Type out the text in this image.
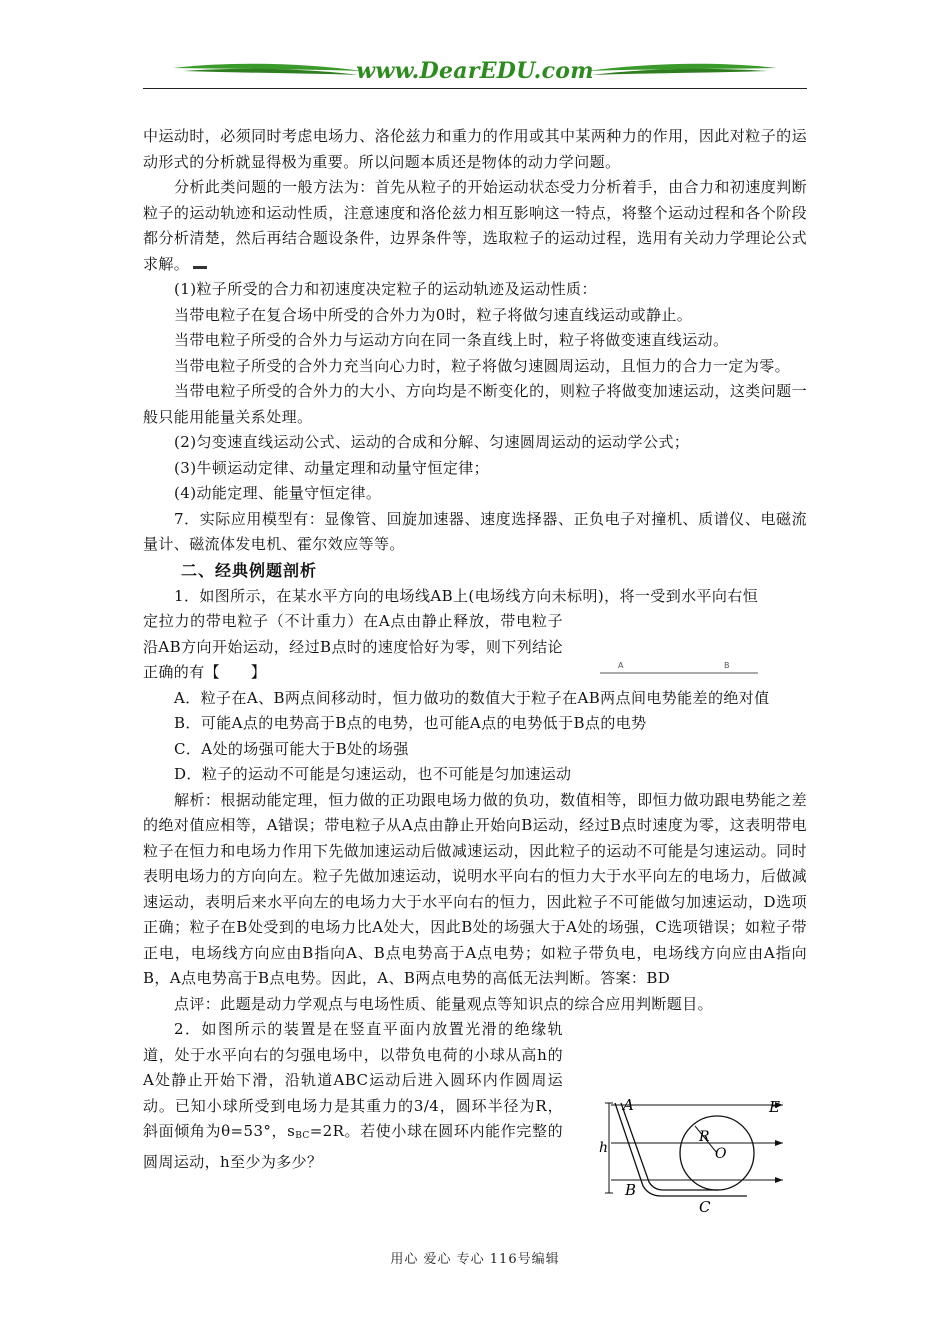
www.DearEDU.com

中运动时，必须同时考虑电场力、洛伦兹力和重力的作用或其中某两种力的作用，因此对粒子的运动形式的分析就显得极为重要。所以问题本质还是物体的动力学问题。

分析此类问题的一般方法为：首先从粒子的开始运动状态受力分析着手，由合力和初速度判断粒子的运动轨迹和运动性质，注意速度和洛伦兹力相互影响这一特点，将整个运动过程和各个阶段都分析清楚，然后再结合题设条件，边界条件等，选取粒子的运动过程，选用有关动力学理论公式求解。

(1)粒子所受的合力和初速度决定粒子的运动轨迹及运动性质：

当带电粒子在复合场中所受的合外力为0时，粒子将做匀速直线运动或静止。

当带电粒子所受的合外力与运动方向在同一条直线上时，粒子将做变速直线运动。

当带电粒子所受的合外力充当向心力时，粒子将做匀速圆周运动，且恒力的合力一定为零。

当带电粒子所受的合外力的大小、方向均是不断变化的，则粒子将做变加速运动，这类问题一般只能用能量关系处理。

(2)匀变速直线运动公式、运动的合成和分解、匀速圆周运动的运动学公式；

(3)牛顿运动定律、动量定理和动量守恒定律；

(4)动能定理、能量守恒定律。

7．实际应用模型有：显像管、回旋加速器、速度选择器、正负电子对撞机、质谱仪、电磁流量计、磁流体发电机、霍尔效应等等。

二、经典例题剖析

1．如图所示，在某水平方向的电场线AB上(电场线方向未标明)，将一受到水平向右恒

定拉力的带电粒子（不计重力）在A点由静止释放，带电粒子沿AB方向开始运动，经过B点时的速度恰好为零，则下列结论正确的有【　　】

A．粒子在A、B两点间移动时，恒力做功的数值大于粒子在AB两点间电势能差的绝对值

B．可能A点的电势高于B点的电势，也可能A点的电势低于B点的电势

C．A处的场强可能大于B处的场强

D．粒子的运动不可能是匀速运动，也不可能是匀加速运动

解析：根据动能定理，恒力做的正功跟电场力做的负功，数值相等，即恒力做功跟电势能之差的绝对值应相等，A错误；带电粒子从A点由静止开始向B运动，经过B点时速度为零，这表明带电粒子在恒力和电场力作用下先做加速运动后做减速运动，因此粒子的运动不可能是匀速运动。同时表明电场力的方向向左。粒子先做加速运动，说明水平向右的恒力大于水平向左的电场力，后做减速运动，表明后来水平向左的电场力大于水平向右的恒力，因此粒子不可能做匀加速运动，D选项正确；粒子在B处受到的电场力比A处大，因此B处的场强大于A处的场强，C选项错误；如粒子带正电，电场线方向应由B指向A、B点电势高于A点电势；如粒子带负电，电场线方向应由A指向B，A点电势高于B点电势。因此，A、B两点电势的高低无法判断。答案：BD

点评：此题是动力学观点与电场性质、能量观点等知识点的综合应用判断题目。

2．如图所示的装置是在竖直平面内放置光滑的绝缘轨道，处于水平向右的匀强电场中，以带负电荷的小球从高h的A处静止开始下滑，沿轨道ABC运动后进入圆环内作圆周运动。已知小球所受到电场力是其重力的3/4，圆环半径为R，斜面倾角为θ=53°，$s_{BC}=2R$。若使小球在圆环内能作完整的圆周运动，h至少为多少？

A	B
A	E
R
O
h
B
C
用心 爱心 专心 116号编辑
